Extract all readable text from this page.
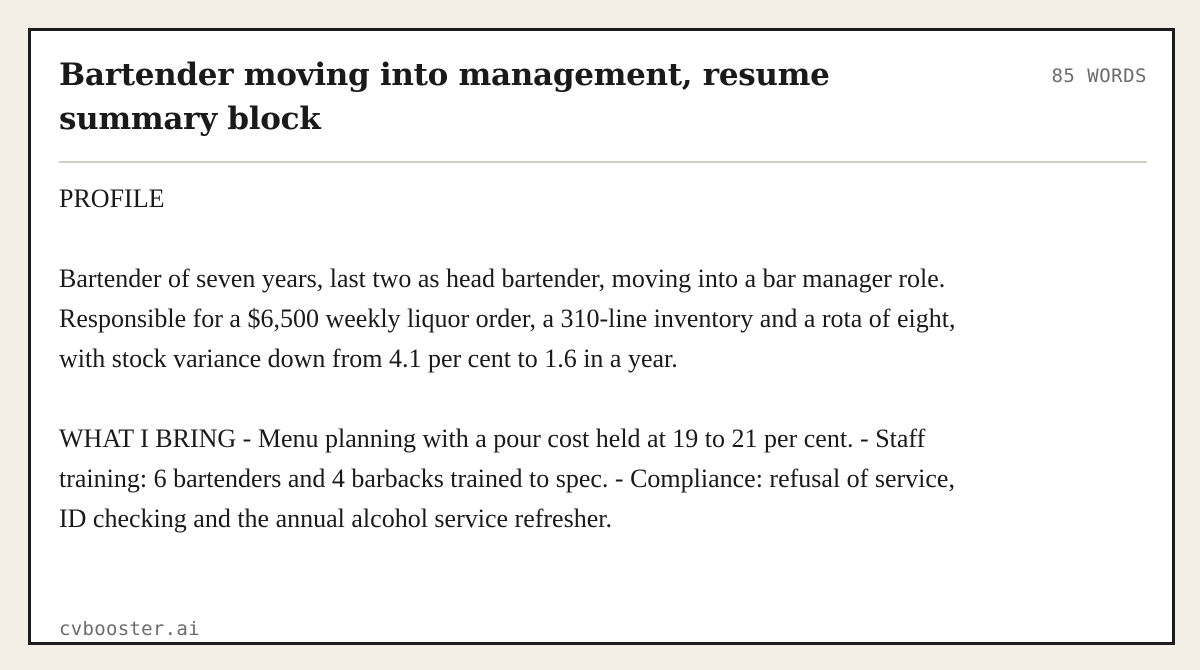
Bartender moving into management, resume summary block
85 WORDS

PROFILE

Bartender of seven years, last two as head bartender, moving into a bar manager role. Responsible for a $6,500 weekly liquor order, a 310-line inventory and a rota of eight, with stock variance down from 4.1 per cent to 1.6 in a year.

WHAT I BRING - Menu planning with a pour cost held at 19 to 21 per cent. - Staff training: 6 bartenders and 4 barbacks trained to spec. - Compliance: refusal of service, ID checking and the annual alcohol service refresher.

cvbooster.ai
